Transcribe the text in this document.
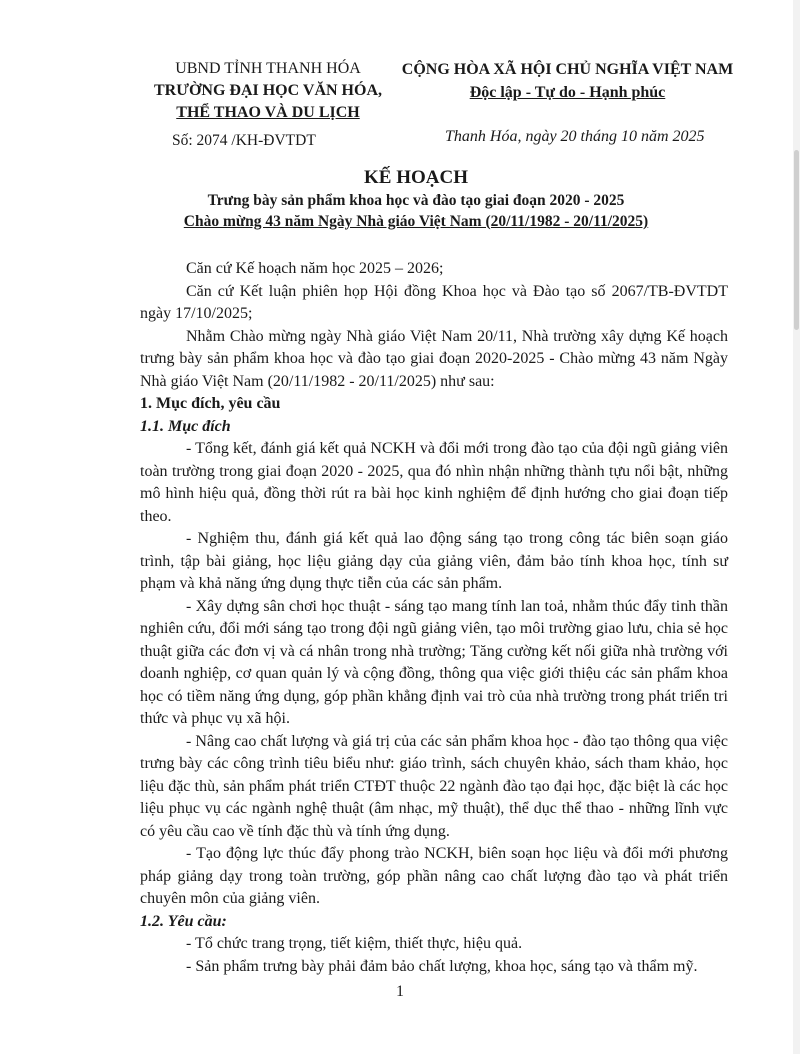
UBND TỈNH THANH HÓA
TRƯỜNG ĐẠI HỌC VĂN HÓA,
THỂ THAO VÀ DU LỊCH
Số: 2074 /KH-ĐVTDT
CỘNG HÒA XÃ HỘI CHỦ NGHĨA VIỆT NAM
Độc lập - Tự do - Hạnh phúc
Thanh Hóa, ngày 20 tháng 10 năm 2025
KẾ HOẠCH
Trưng bày sản phẩm khoa học và đào tạo giai đoạn 2020 - 2025
Chào mừng 43 năm Ngày Nhà giáo Việt Nam (20/11/1982 - 20/11/2025)

Căn cứ Kế hoạch năm học 2025 – 2026;

Căn cứ Kết luận phiên họp Hội đồng Khoa học và Đào tạo số 2067/TB-ĐVTDT ngày 17/10/2025;

Nhằm Chào mừng ngày Nhà giáo Việt Nam 20/11, Nhà trường xây dựng Kế hoạch trưng bày sản phẩm khoa học và đào tạo giai đoạn 2020-2025 - Chào mừng 43 năm Ngày Nhà giáo Việt Nam (20/11/1982 - 20/11/2025) như sau:

1. Mục đích, yêu cầu

1.1. Mục đích

- Tổng kết, đánh giá kết quả NCKH và đổi mới trong đào tạo của đội ngũ giảng viên toàn trường trong giai đoạn 2020 - 2025, qua đó nhìn nhận những thành tựu nổi bật, những mô hình hiệu quả, đồng thời rút ra bài học kinh nghiệm để định hướng cho giai đoạn tiếp theo.

- Nghiệm thu, đánh giá kết quả lao động sáng tạo trong công tác biên soạn giáo trình, tập bài giảng, học liệu giảng dạy của giảng viên, đảm bảo tính khoa học, tính sư phạm và khả năng ứng dụng thực tiễn của các sản phẩm.

- Xây dựng sân chơi học thuật - sáng tạo mang tính lan toả, nhằm thúc đẩy tinh thần nghiên cứu, đổi mới sáng tạo trong đội ngũ giảng viên, tạo môi trường giao lưu, chia sẻ học thuật giữa các đơn vị và cá nhân trong nhà trường; Tăng cường kết nối giữa nhà trường với doanh nghiệp, cơ quan quản lý và cộng đồng, thông qua việc giới thiệu các sản phẩm khoa học có tiềm năng ứng dụng, góp phần khẳng định vai trò của nhà trường trong phát triển tri thức và phục vụ xã hội.

- Nâng cao chất lượng và giá trị của các sản phẩm khoa học - đào tạo thông qua việc trưng bày các công trình tiêu biểu như: giáo trình, sách chuyên khảo, sách tham khảo, học liệu đặc thù, sản phẩm phát triển CTĐT thuộc 22 ngành đào tạo đại học, đặc biệt là các học liệu phục vụ các ngành nghệ thuật (âm nhạc, mỹ thuật), thể dục thể thao - những lĩnh vực có yêu cầu cao về tính đặc thù và tính ứng dụng.

- Tạo động lực thúc đẩy phong trào NCKH, biên soạn học liệu và đổi mới phương pháp giảng dạy trong toàn trường, góp phần nâng cao chất lượng đào tạo và phát triển chuyên môn của giảng viên.

1.2. Yêu cầu:

- Tổ chức trang trọng, tiết kiệm, thiết thực, hiệu quả.

- Sản phẩm trưng bày phải đảm bảo chất lượng, khoa học, sáng tạo và thẩm mỹ.

1
